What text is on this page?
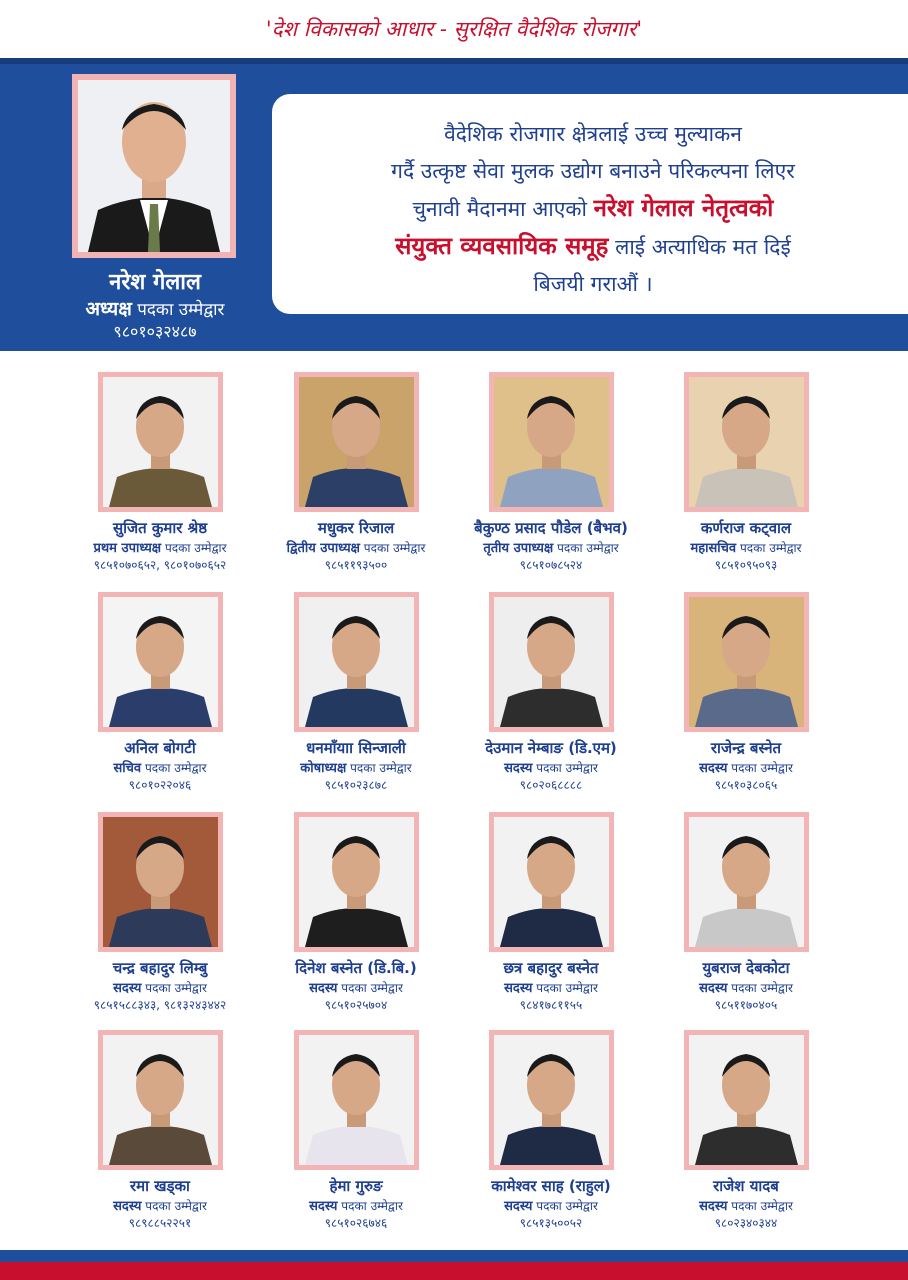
'देश विकासको आधार - सुरक्षित वैदेशिक रोजगार'
नरेश गेलाल
अध्यक्ष पदका उम्मेद्वार
९८०१०३२४८७
वैदेशिक रोजगार क्षेत्रलाई उच्च मुल्याकन
गर्दै उत्कृष्ट सेवा मुलक उद्योग बनाउने परिकल्पना लिएर
चुनावी मैदानमा आएको नरेश गेलाल नेतृत्वको
संयुक्त व्यवसायिक समूह लाई अत्याधिक मत दिई
बिजयी गराऔं ।
सुजित कुमार श्रेष्ठ
प्रथम उपाध्यक्ष पदका उम्मेद्वार
९८५१०७०६५२, ९८०१०७०६५२
मधुकर रिजाल
द्वितीय उपाध्यक्ष पदका उम्मेद्वार
९८५११९३५००
बैकुण्ठ प्रसाद पौडेल (बैभव)
तृतीय उपाध्यक्ष पदका उम्मेद्वार
९८५१०७८५२४
कर्णराज कट्वाल
महासचिव पदका उम्मेद्वार
९८५१०९५०९३
अनिल बोगटी
सचिव पदका उम्मेद्वार
९८०१०२२०४६
धनमाँयाा सिन्जाली
कोषाध्यक्ष पदका उम्मेद्वार
९८५१०२३८७८
देउमान नेम्बाङ (डि.एम)
सदस्य पदका उम्मेद्वार
९८०२०६८८८८
राजेन्द्र बस्नेत
सदस्य पदका उम्मेद्वार
९८५१०३८०६५
चन्द्र बहादुर लिम्बु
सदस्य पदका उम्मेद्वार
९८५१५८८३४३, ९८१३२४३४४२
दिनेश बस्नेत (डि.बि.)
सदस्य पदका उम्मेद्वार
९८५१०२५७०४
छत्र बहादुर बस्नेत
सदस्य पदका उम्मेद्वार
९८४१७८११५५
युबराज देबकोटा
सदस्य पदका उम्मेद्वार
९८५११७०४०५
रमा खड्का
सदस्य पदका उम्मेद्वार
९८९८८५२२५१
हेमा गुरुङ
सदस्य पदका उम्मेद्वार
९८५१०२६७४६
कामेश्वर साह (राहुल)
सदस्य पदका उम्मेद्वार
९८५१३५००५२
राजेश यादब
सदस्य पदका उम्मेद्वार
९८०२३४०३४४
